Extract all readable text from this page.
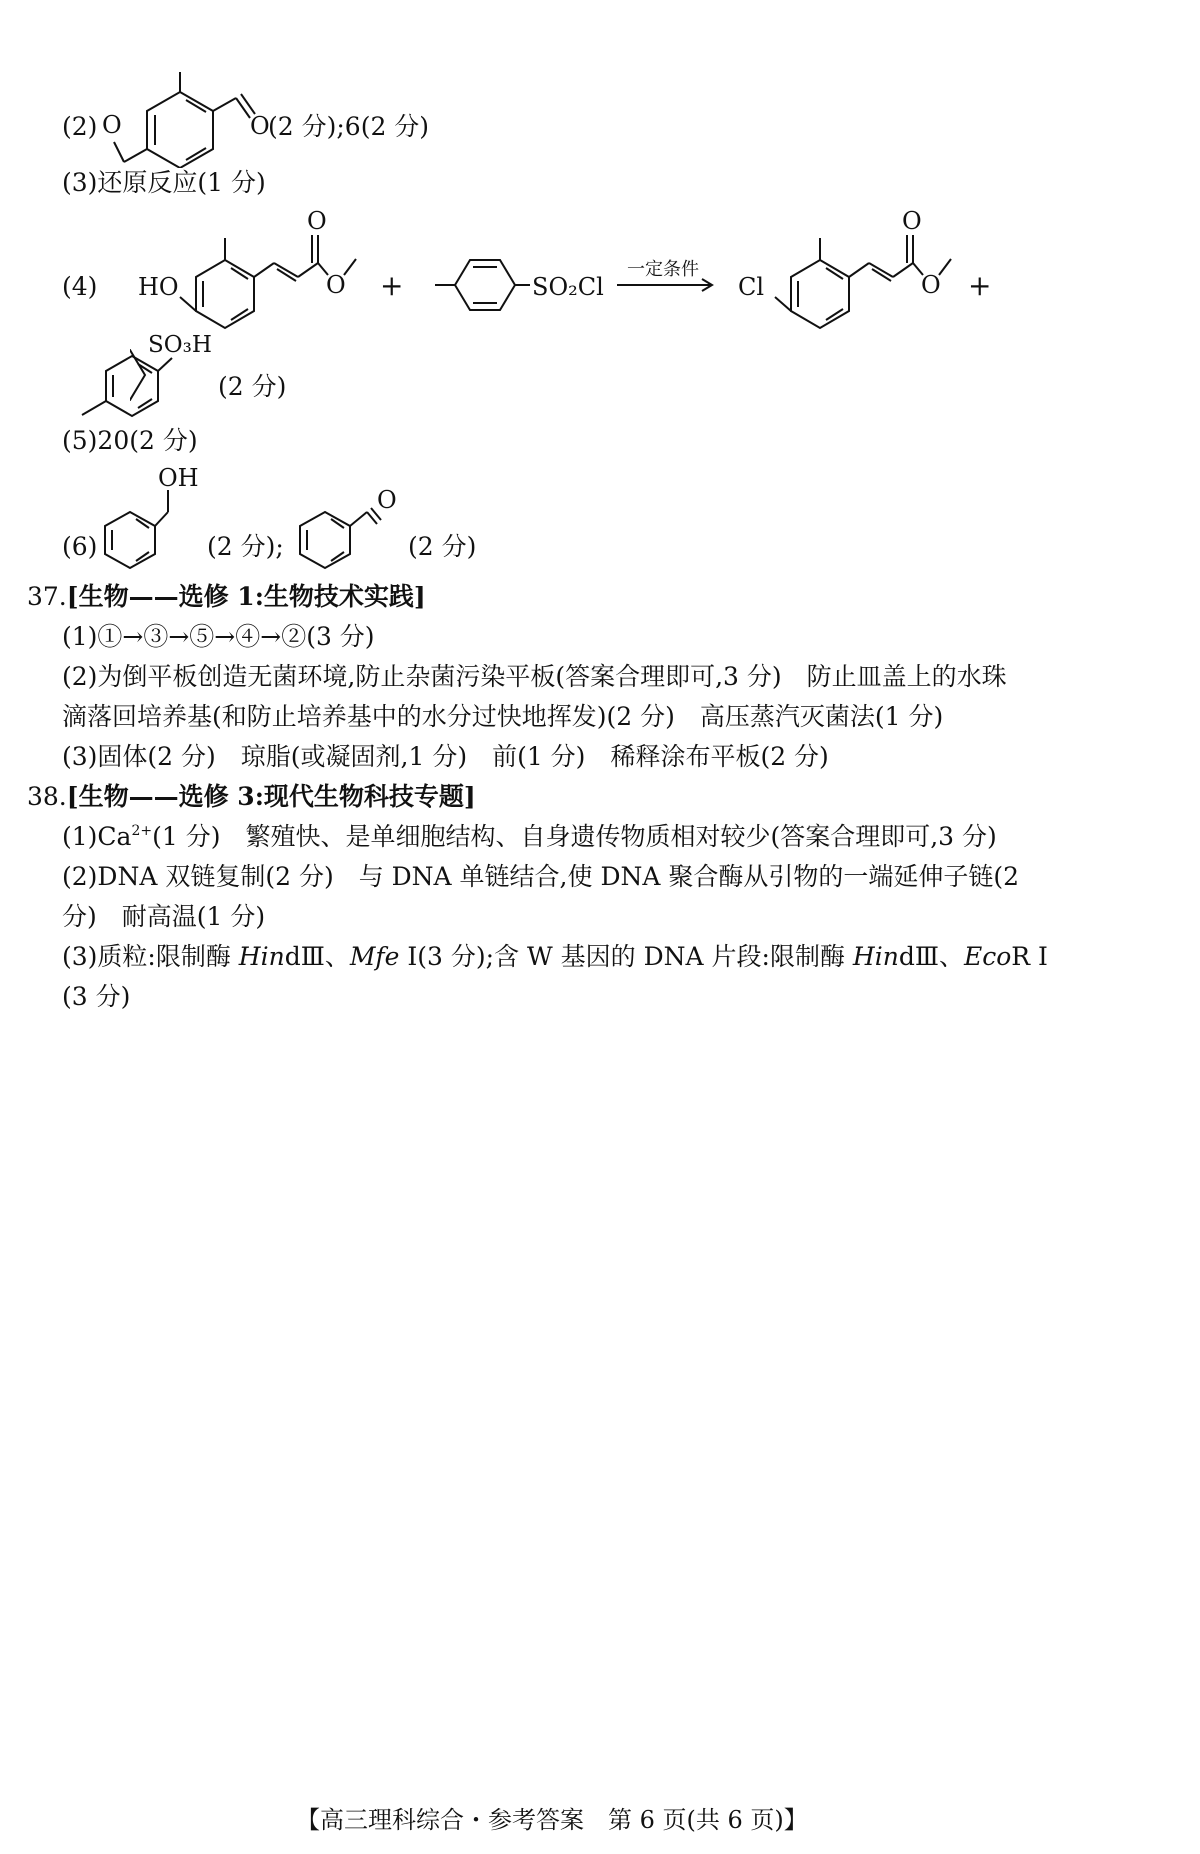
(2) O	O
(2 分);6(2 分)
(3)还原反应(1 分)
(4) HO
O
O +	SO₂Cl
一定条件
Cl
O
O +
SO₃H
(2 分)
(5)20(2 分)
(6)
OH
(2 分);
O
(2 分)
37.[生物——选修 1:生物技术实践]
(1)①→③→⑤→④→②(3 分)
(2)为倒平板创造无菌环境,防止杂菌污染平板(答案合理即可,3 分)　防止皿盖上的水珠
滴落回培养基(和防止培养基中的水分过快地挥发)(2 分)　高压蒸汽灭菌法(1 分)
(3)固体(2 分)　琼脂(或凝固剂,1 分)　前(1 分)　稀释涂布平板(2 分)
38.[生物——选修 3:现代生物科技专题]
$(1)Ca^{2+}(1$ 分)　繁殖快、是单细胞结构、自身遗传物质相对较少(答案合理即可,3 分)
(2)DNA 双链复制(2 分)　与 DNA 单链结合,使 DNA 聚合酶从引物的一端延伸子链(2
分)　耐高温(1 分)
(3)质粒:限制酶 HindⅢ、Mfe Ⅰ(3 分);含 W 基因的 DNA 片段:限制酶 HindⅢ、EcoR Ⅰ
(3 分)
【高三理科综合・参考答案　第 6 页(共 6 页)】
